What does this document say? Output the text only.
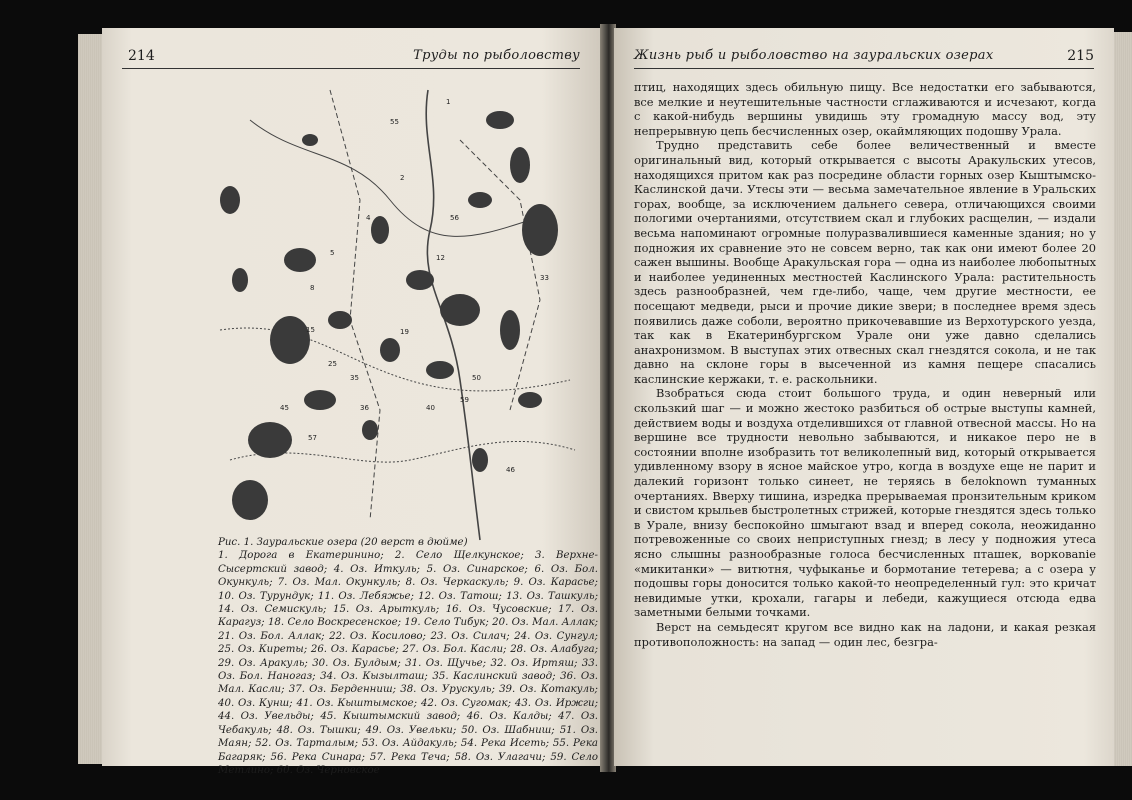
214	Труды по рыболовству
1
2
4
5
8
12
15	19
25
33
35
36	40
45
46
50
55
56
57
59
Рис. 1. Зауральские озера (20 верст в дюйме)
1. Дорога в Екатеринино; 2. Село Щелкунское; 3. Верхне-Сысертский завод; 4. Оз. Иткуль; 5. Оз. Синарское; 6. Оз. Бол. Окункуль; 7. Оз. Мал. Окункуль; 8. Оз. Черкаскуль; 9. Оз. Карасье; 10. Оз. Турундук; 11. Оз. Лебяжье; 12. Оз. Татош; 13. Оз. Ташкуль; 14. Оз. Семискуль; 15. Оз. Арыткуль; 16. Оз. Чусовские; 17. Оз. Карагуз; 18. Село Воскресенское; 19. Село Тибук; 20. Оз. Мал. Аллак; 21. Оз. Бол. Аллак; 22. Оз. Косилово; 23. Оз. Силач; 24. Оз. Сунгул; 25. Оз. Киреты; 26. Оз. Карасье; 27. Оз. Бол. Касли; 28. Оз. Алабуга; 29. Оз. Аракуль; 30. Оз. Булдым; 31. Оз. Щучье; 32. Оз. Иртяш; 33. Оз. Бол. Наногаз; 34. Оз. Кызылташ; 35. Каслинский завод; 36. Оз. Мал. Касли; 37. Оз. Берденниш; 38. Оз. Урускуль; 39. Оз. Котакуль; 40. Оз. Кунш; 41. Оз. Кыштымское; 42. Оз. Сугомак; 43. Оз. Иржги; 44. Оз. Увельды; 45. Кыштымский завод; 46. Оз. Калды; 47. Оз. Чебакуль; 48. Оз. Тышки; 49. Оз. Увельки; 50. Оз. Шабниш; 51. Оз. Маян; 52. Оз. Тарталым; 53. Оз. Айдакуль; 54. Река Исеть; 55. Река Багаряк; 56. Река Синара; 57. Река Теча; 58. Оз. Улагачи; 59. Село Метлино; 60. Оз. Черновское
Жизнь рыб и рыболовство на зауральских озерах	215

птиц, находящих здесь обильную пищу. Все недостатки его забываются, все мелкие и неутешительные частности сглаживаются и исчезают, когда с какой-нибудь вершины увидишь эту громадную массу вод, эту непрерывную цепь бесчисленных озер, окаймляющих подошву Урала.

Трудно представить себе более величественный и вместе оригинальный вид, который открывается с высоты Аракульских утесов, находящихся притом как раз посредине области горных озер Кыштымско-Каслинской дачи. Утесы эти — весьма замечательное явление в Уральских горах, вообще, за исключением дальнего севера, отличающихся своими пологими очертаниями, отсутствием скал и глубоких расщелин, — издали весьма напоминают огромные полуразвалившиеся каменные здания; но у подножия их сравнение это не совсем верно, так как они имеют более 20 сажен вышины. Вообще Аракульская гора — одна из наиболее любопытных и наиболее уединенных местностей Каслинского Урала: растительность здесь разнообразней, чем где-либо, чаще, чем другие местности, ее посещают медведи, рыси и прочие дикие звери; в последнее время здесь появились даже соболи, вероятно прикочевавшие из Верхотурского уезда, так как в Екатеринбургском Урале они уже давно сделались анахронизмом. В выступах этих отвесных скал гнездятся сокола, и не так давно на склоне горы в высеченной из камня пещере спасались каслинские кержаки, т. е. раскольники.

Взобраться сюда стоит большого труда, и один неверный или скользкий шаг — и можно жестоко разбиться об острые выступы камней, действием воды и воздуха отделившихся от главной отвесной массы. Но на вершине все трудности невольно забываются, и никакое перо не в состоянии вполне изобразить тот великолепный вид, который открывается удивленному взору в ясное майское утро, когда в воздухе еще не парит и далекий горизонт только синеет, не теряясь в белоknown туманных очертаниях. Вверху тишина, изредка прерываемая пронзительным криком и свистом крыльев быстролетных стрижей, которые гнездятся здесь только в Урале, внизу беспокойно шмыгают взад и вперед сокола, неожиданно потревоженные со своих неприступных гнезд; в лесу у подножия утеса ясно слышны разнообразные голоса бесчисленных пташек, ворковanie «микитанки» — витютня, чуфыканье и бормотание тетерева; а с озера у подошвы горы доносится только какой-то неопределенный гул: это кричат невидимые утки, крохали, гагары и лебеди, кажущиеся отсюда едва заметными белыми точками.

Верст на семьдесят кругом все видно как на ладони, и какая резкая противоположность: на запад — один лес, безгра-
